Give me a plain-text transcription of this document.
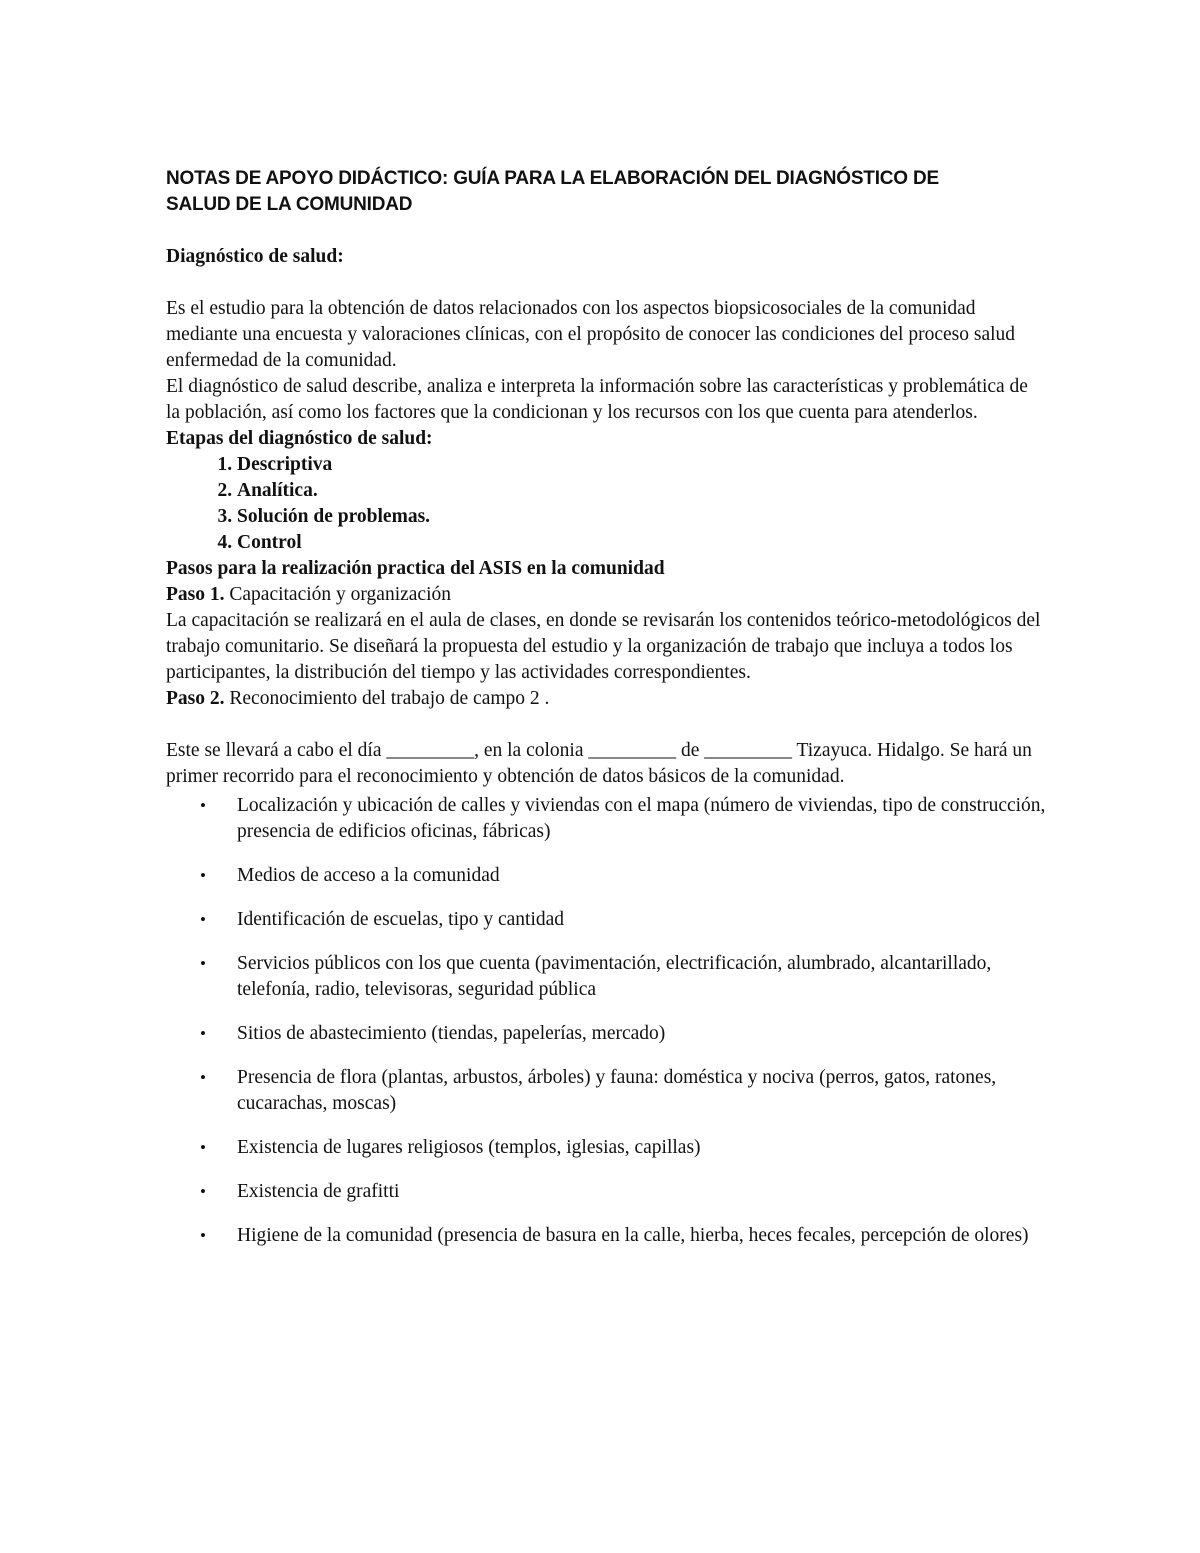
NOTAS DE APOYO DIDÁCTICO: GUÍA PARA LA ELABORACIÓN DEL DIAGNÓSTICO DE SALUD DE LA COMUNIDAD

Diagnóstico de salud:

Es el estudio para la obtención de datos relacionados con los aspectos biopsicosociales de la comunidad mediante una encuesta y valoraciones clínicas, con el propósito de conocer las condiciones del proceso salud enfermedad de la comunidad.

El diagnóstico de salud describe, analiza e interpreta la información sobre las características y problemática de la población, así como los factores que la condicionan y los recursos con los que cuenta para atenderlos.

Etapas del diagnóstico de salud:

1. Descriptiva
2. Analítica.
3. Solución de problemas.
4. Control

Pasos para la realización practica del ASIS en la comunidad

Paso 1. Capacitación y organización

La capacitación se realizará en el aula de clases, en donde se revisarán los contenidos teórico-metodológicos del trabajo comunitario. Se diseñará la propuesta del estudio y la organización de trabajo que incluya a todos los participantes, la distribución del tiempo y las actividades correspondientes.

Paso 2. Reconocimiento del trabajo de campo 2 .

Este se llevará a cabo el día _________, en la colonia _________ de _________ Tizayuca. Hidalgo. Se hará un primer recorrido para el reconocimiento y obtención de datos básicos de la comunidad.

• Localización y ubicación de calles y viviendas con el mapa (número de viviendas, tipo de construcción, presencia de edificios oficinas, fábricas)
• Medios de acceso a la comunidad
• Identificación de escuelas, tipo y cantidad
• Servicios públicos con los que cuenta (pavimentación, electrificación, alumbrado, alcantarillado, telefonía, radio, televisoras, seguridad pública
• Sitios de abastecimiento (tiendas, papelerías, mercado)
• Presencia de flora (plantas, arbustos, árboles) y fauna: doméstica y nociva (perros, gatos, ratones, cucarachas, moscas)
• Existencia de lugares religiosos (templos, iglesias, capillas)
• Existencia de grafitti
• Higiene de la comunidad (presencia de basura en la calle, hierba, heces fecales, percepción de olores)
